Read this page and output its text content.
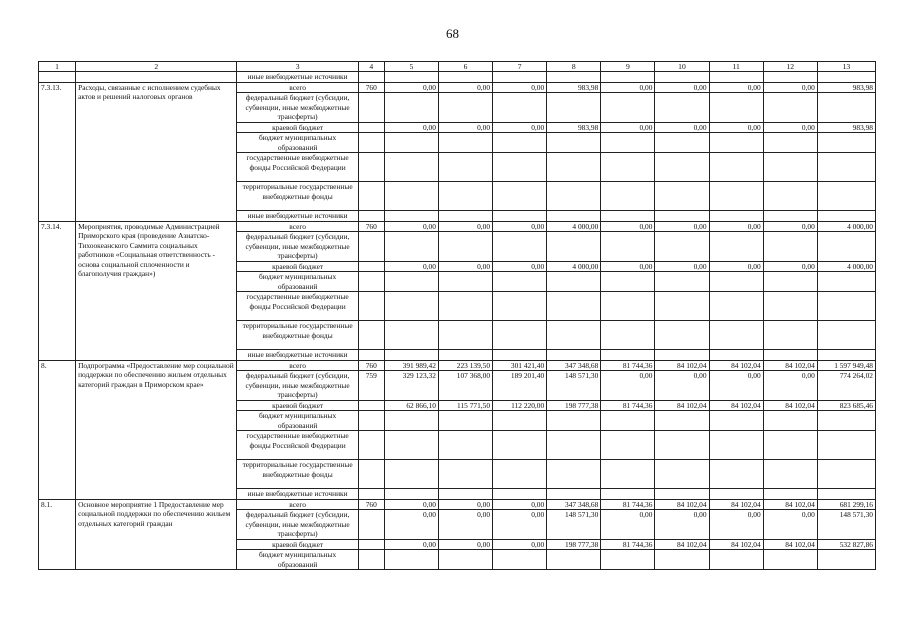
68
1	2	3	4	5	6	7	8	9	10	11	12	13
		иные внебюджетные источники										
7.3.13.	Расходы, связанные с исполнением судебных актов и решений налоговых органов	всего	760	0,00	0,00	0,00	983,98	0,00	0,00	0,00	0,00	983,98
		федеральный бюджет (субсидии, субвенции, иные межбюджетные трансферты)										
		краевой бюджет		0,00	0,00	0,00	983,98	0,00	0,00	0,00	0,00	983,98
		бюджет муниципальных образований										
		государственные внебюджетные фонды Российской Федерации										
		территориальные государственные внебюджетные фонды										
		иные внебюджетные источники										
7.3.14.	Мероприятия, проводимые Администрацией Приморского края (проведение Азиатско-Тихоокеанского Саммита социальных работников «Социальная ответственность - основа социальной сплоченности и благополучия граждан»)	всего	760	0,00	0,00	0,00	4 000,00	0,00	0,00	0,00	0,00	4 000,00
		федеральный бюджет (субсидии, субвенции, иные межбюджетные трансферты)										
		краевой бюджет		0,00	0,00	0,00	4 000,00	0,00	0,00	0,00	0,00	4 000,00
		бюджет муниципальных образований										
		государственные внебюджетные фонды Российской Федерации										
		территориальные государственные внебюджетные фонды										
		иные внебюджетные источники										
8.	Подпрограмма «Предоставление мер социальной поддержки по обеспечению жильем отдельных категорий граждан в Приморском крае»	всего	760	391 989,42	223 139,50	301 421,40	347 348,68	81 744,36	84 102,04	84 102,04	84 102,04	1 597 949,48
		федеральный бюджет (субсидии, субвенции, иные межбюджетные трансферты)	759	329 123,32	107 368,00	189 201,40	148 571,30	0,00	0,00	0,00	0,00	774 264,02
		краевой бюджет		62 866,10	115 771,50	112 220,00	198 777,38	81 744,36	84 102,04	84 102,04	84 102,04	823 685,46
		бюджет муниципальных образований										
		государственные внебюджетные фонды Российской Федерации										
		территориальные государственные внебюджетные фонды										
		иные внебюджетные источники										
8.1.	Основное мероприятие 1 Предоставление мер социальной поддержки по обеспечению жильем отдельных категорий граждан	всего	760	0,00	0,00	0,00	347 348,68	81 744,36	84 102,04	84 102,04	84 102,04	681 299,16
		федеральный бюджет (субсидии, субвенции, иные межбюджетные трансферты)		0,00	0,00	0,00	148 571,30	0,00	0,00	0,00	0,00	148 571,30
		краевой бюджет		0,00	0,00	0,00	198 777,38	81 744,36	84 102,04	84 102,04	84 102,04	532 827,86
		бюджет муниципальных образований										
